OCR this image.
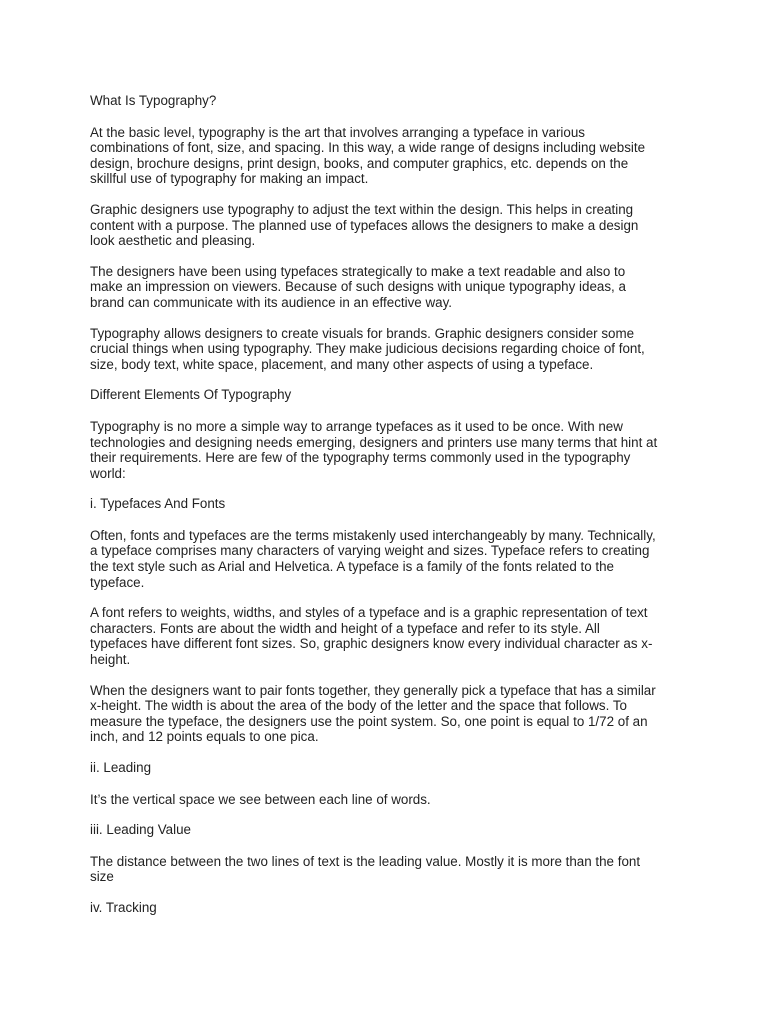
What Is Typography?

At the basic level, typography is the art that involves arranging a typeface in various

combinations of font, size, and spacing. In this way, a wide range of designs including website

design, brochure designs, print design, books, and computer graphics, etc. depends on the

skillful use of typography for making an impact.

Graphic designers use typography to adjust the text within the design. This helps in creating

content with a purpose. The planned use of typefaces allows the designers to make a design

look aesthetic and pleasing.

The designers have been using typefaces strategically to make a text readable and also to

make an impression on viewers. Because of such designs with unique typography ideas, a

brand can communicate with its audience in an effective way.

Typography allows designers to create visuals for brands. Graphic designers consider some

crucial things when using typography. They make judicious decisions regarding choice of font,

size, body text, white space, placement, and many other aspects of using a typeface.

Different Elements Of Typography

Typography is no more a simple way to arrange typefaces as it used to be once. With new

technologies and designing needs emerging, designers and printers use many terms that hint at

their requirements. Here are few of the typography terms commonly used in the typography

world:

i. Typefaces And Fonts

Often, fonts and typefaces are the terms mistakenly used interchangeably by many. Technically,

a typeface comprises many characters of varying weight and sizes. Typeface refers to creating

the text style such as Arial and Helvetica. A typeface is a family of the fonts related to the

typeface.

A font refers to weights, widths, and styles of a typeface and is a graphic representation of text

characters. Fonts are about the width and height of a typeface and refer to its style. All

typefaces have different font sizes. So, graphic designers know every individual character as x-

height.

When the designers want to pair fonts together, they generally pick a typeface that has a similar

x-height. The width is about the area of the body of the letter and the space that follows. To

measure the typeface, the designers use the point system. So, one point is equal to 1/72 of an

inch, and 12 points equals to one pica.

ii. Leading

It’s the vertical space we see between each line of words.

iii. Leading Value

The distance between the two lines of text is the leading value. Mostly it is more than the font

size

iv. Tracking
